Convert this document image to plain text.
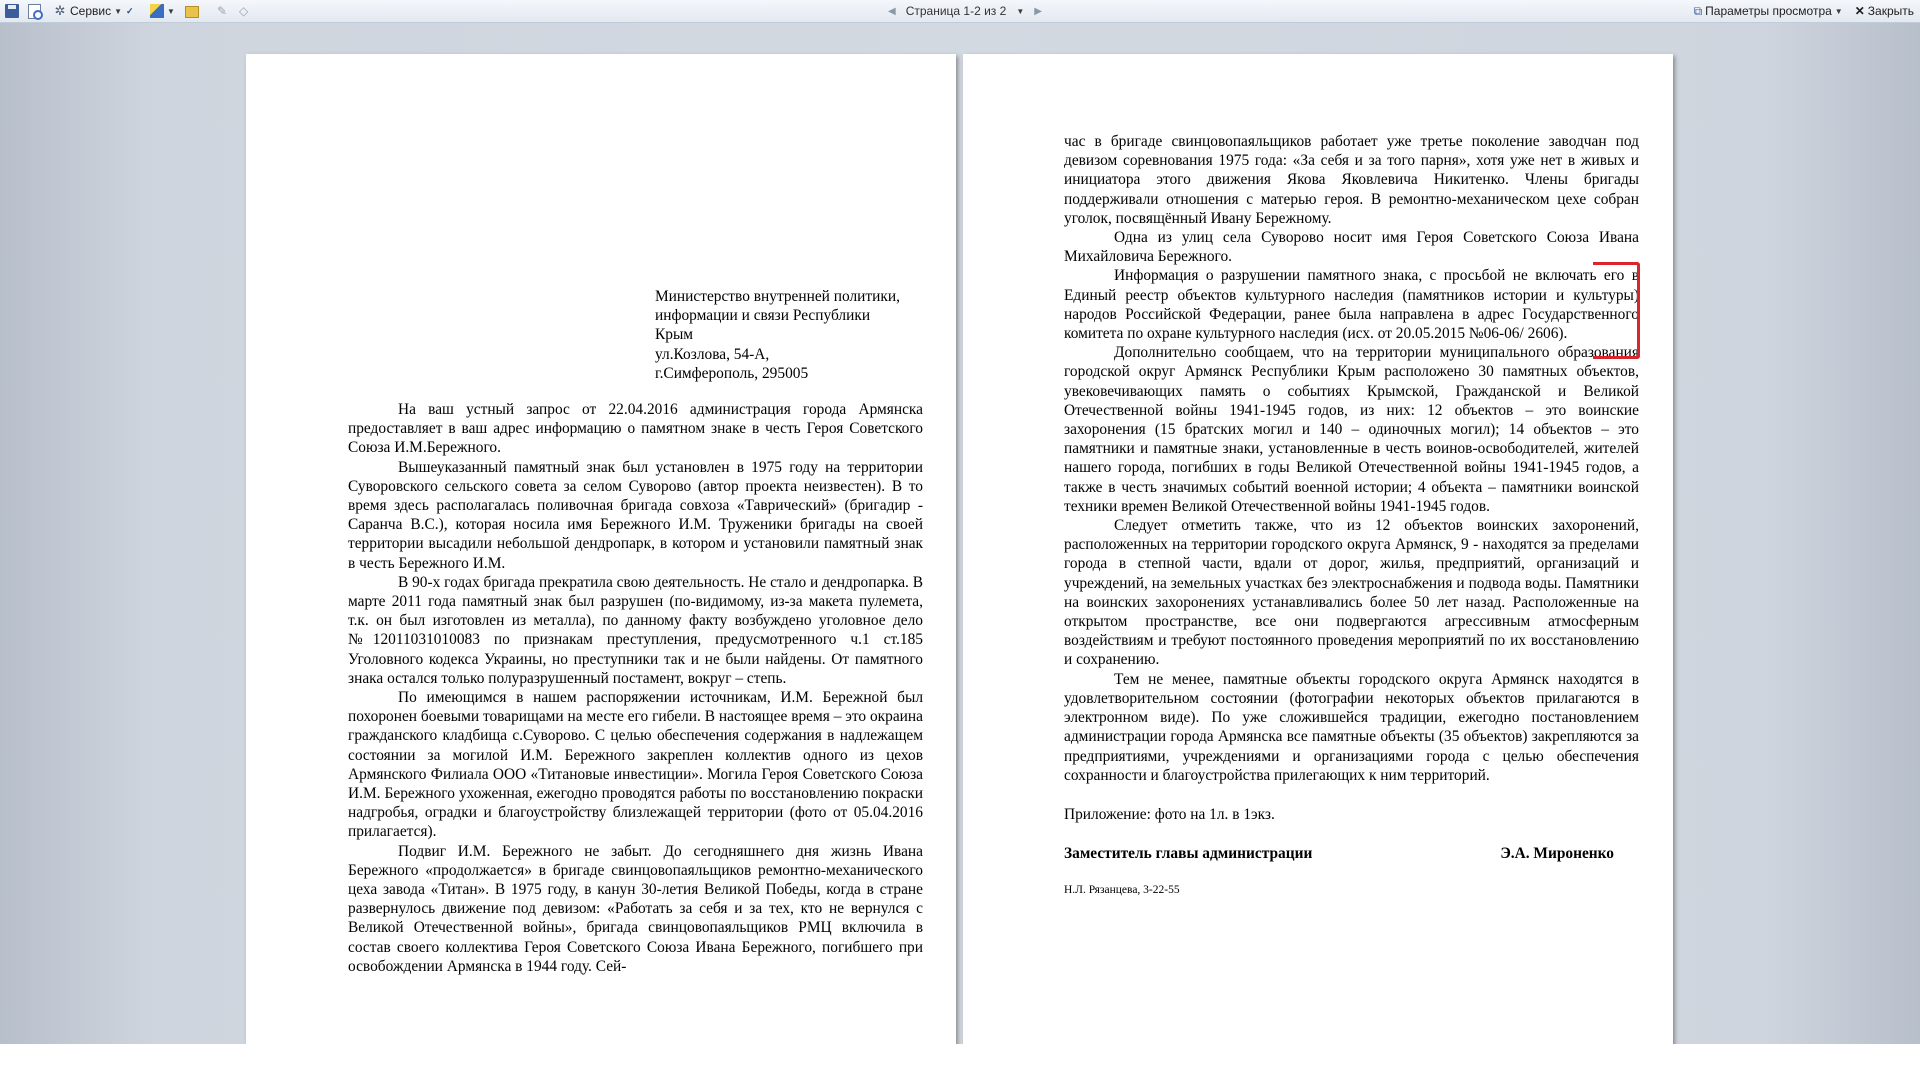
✲ Сервис ▼ ✓	▼	✎ ◇	◀ Страница 1-2 из 2 ▼ ▶	⧉ Параметры просмотра ▼ ✕ Закрыть
Министерство внутренней политики,
информации и связи Республики
Крым
ул.Козлова, 54-А,
г.Симферополь, 295005

На ваш устный запрос от 22.04.2016 администрация города Армянска предоставляет в ваш адрес информацию о памятном знаке в честь Героя Советского Союза И.М.Бережного.

Вышеуказанный памятный знак был установлен в 1975 году на территории Суворовского сельского совета за селом Суворово (автор проекта неизвестен). В то время здесь располагалась поливочная бригада совхоза «Таврический» (бригадир - Саранча В.С.), которая носила имя Бережного И.М. Труженики бригады на своей территории высадили небольшой дендропарк, в котором и установили памятный знак в честь Бережного И.М.

В 90-х годах бригада прекратила свою деятельность. Не стало и дендропарка. В марте 2011 года памятный знак был разрушен (по-видимому, из-за макета пулемета, т.к. он был изготовлен из металла), по данному факту возбуждено уголовное дело №12011031010083 по признакам преступления, предусмотренного ч.1 ст.185 Уголовного кодекса Украины, но преступники так и не были найдены. От памятного знака остался только полуразрушенный постамент, вокруг – степь.

По имеющимся в нашем распоряжении источникам, И.М. Бережной был похоронен боевыми товарищами на месте его гибели. В настоящее время – это окраина гражданского кладбища с.Суворово. С целью обеспечения содержания в надлежащем состоянии за могилой И.М. Бережного закреплен коллектив одного из цехов Армянского Филиала ООО «Титановые инвестиции». Могила Героя Советского Союза И.М. Бережного ухоженная, ежегодно проводятся работы по восстановлению покраски надгробья, оградки и благоустройству близлежащей территории (фото от 05.04.2016 прилагается).

Подвиг И.М. Бережного не забыт. До сегодняшнего дня жизнь Ивана Бережного «продолжается» в бригаде свинцовопаяльщиков ремонтно-механического цеха завода «Титан». В 1975 году, в канун 30-летия Великой Победы, когда в стране развернулось движение под девизом: «Работать за себя и за тех, кто не вернулся с Великой Отечественной войны», бригада свинцовопаяльщиков РМЦ включила в состав своего коллектива Героя Советского Союза Ивана Бережного, погибшего при освобождении Армянска в 1944 году. Сей-

час в бригаде свинцовопаяльщиков работает уже третье поколение заводчан под девизом соревнования 1975 года: «За себя и за того парня», хотя уже нет в живых и инициатора этого движения Якова Яковлевича Никитенко. Члены бригады поддерживали отношения с матерью героя. В ремонтно-механическом цехе собран уголок, посвящённый Ивану Бережному.

Одна из улиц села Суворово носит имя Героя Советского Союза Ивана Михайловича Бережного.

Информация о разрушении памятного знака, с просьбой не включать его в Единый реестр объектов культурного наследия (памятников истории и культуры) народов Российской Федерации, ранее была направлена в адрес Государственного комитета по охране культурного наследия (исх. от 20.05.2015 №06-06/ 2606).

Дополнительно сообщаем, что на территории муниципального образования городской округ Армянск Республики Крым расположено 30 памятных объектов, увековечивающих память о событиях Крымской, Гражданской и Великой Отечественной войны 1941-1945 годов, из них: 12 объектов – это воинские захоронения (15 братских могил и 140 – одиночных могил); 14 объектов – это памятники и памятные знаки, установленные в честь воинов-освободителей, жителей нашего города, погибших в годы Великой Отечественной войны 1941-1945 годов, а также в честь значимых событий военной истории; 4 объекта – памятники воинской техники времен Великой Отечественной войны 1941-1945 годов.

Следует отметить также, что из 12 объектов воинских захоронений, расположенных на территории городского округа Армянск, 9 - находятся за пределами города в степной части, вдали от дорог, жилья, предприятий, организаций и учреждений, на земельных участках без электроснабжения и подвода воды. Памятники на воинских захоронениях устанавливались более 50 лет назад. Расположенные на открытом пространстве, все они подвергаются агрессивным атмосферным воздействиям и требуют постоянного проведения мероприятий по их восстановлению и сохранению.

Тем не менее, памятные объекты городского округа Армянск находятся в удовлетворительном состоянии (фотографии некоторых объектов прилагаются в электронном виде). По уже сложившейся традиции, ежегодно постановлением администрации города Армянска все памятные объекты (35 объектов) закрепляются за предприятиями, учреждениями и организациями города с целью обеспечения сохранности и благоустройства прилегающих к ним территорий.

Приложение: фото на 1л. в 1экз.

Заместитель главы администрации	Э.А. Мироненко
Н.Л. Рязанцева, 3-22-55
